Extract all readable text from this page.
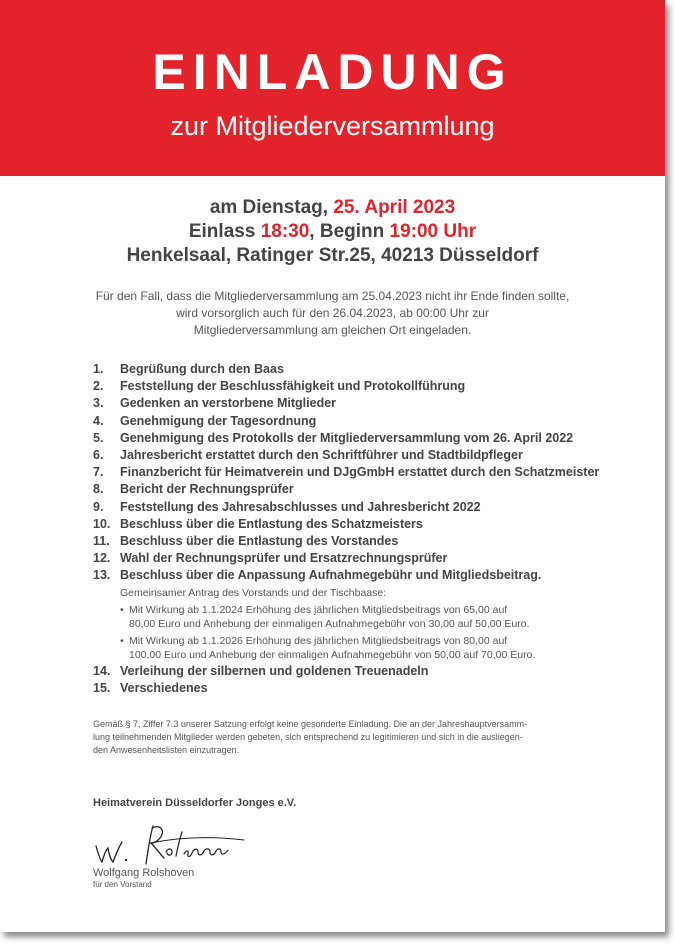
EINLADUNG
zur Mitgliederversammlung
am Dienstag, 25. April 2023
Einlass 18:30, Beginn 19:00 Uhr
Henkelsaal, Ratinger Str.25, 40213 Düsseldorf
Für den Fall, dass die Mitgliederversammlung am 25.04.2023 nicht ihr Ende finden sollte,
wird vorsorglich auch für den 26.04.2023, ab 00:00 Uhr zur
Mitgliederversammlung am gleichen Ort eingeladen.
1.	Begrüßung durch den Baas
2.	Feststellung der Beschlussfähigkeit und Protokollführung
3.	Gedenken an verstorbene Mitglieder
4.	Genehmigung der Tagesordnung
5.	Genehmigung des Protokolls der Mitgliederversammlung vom 26. April 2022
6.	Jahresbericht erstattet durch den Schriftführer und Stadtbildpfleger
7.	Finanzbericht für Heimatverein und DJgGmbH erstattet durch den Schatzmeister
8.	Bericht der Rechnungsprüfer
9.	Feststellung des Jahresabschlusses und Jahresbericht 2022
10. Beschluss über die Entlastung des Schatzmeisters
11. Beschluss über die Entlastung des Vorstandes
12. Wahl der Rechnungsprüfer und Ersatzrechnungsprüfer
13. Beschluss über die Anpassung Aufnahmegebühr und Mitgliedsbeitrag.
Gemeinsamer Antrag des Vorstands und der Tischbaase:
• Mit Wirkung ab 1.1.2024 Erhöhung des jährlichen Mitgliedsbeitrags von 65,00 auf
80,00 Euro und Anhebung der einmaligen Aufnahmegebühr von 30,00 auf 50,00 Euro.
• Mit Wirkung ab 1.1.2026 Erhöhung des jährlichen Mitgliedsbeitrags von 80,00 auf
100,00 Euro und Anhebung der einmaligen Aufnahmegebühr von 50,00 auf 70,00 Euro.
14. Verleihung der silbernen und goldenen Treuenadeln
15. Verschiedenes
Gemäß § 7, Ziffer 7.3 unserer Satzung erfolgt keine gesonderte Einladung. Die an der Jahreshauptversamm-
lung teilnehmenden Mitglieder werden gebeten, sich entsprechend zu legitimieren und sich in die ausliegen-
den Anwesenheitslisten einzutragen.
Heimatverein Düsseldorfer Jonges e.V.
Wolfgang Rolshoven
für den Vorstand
